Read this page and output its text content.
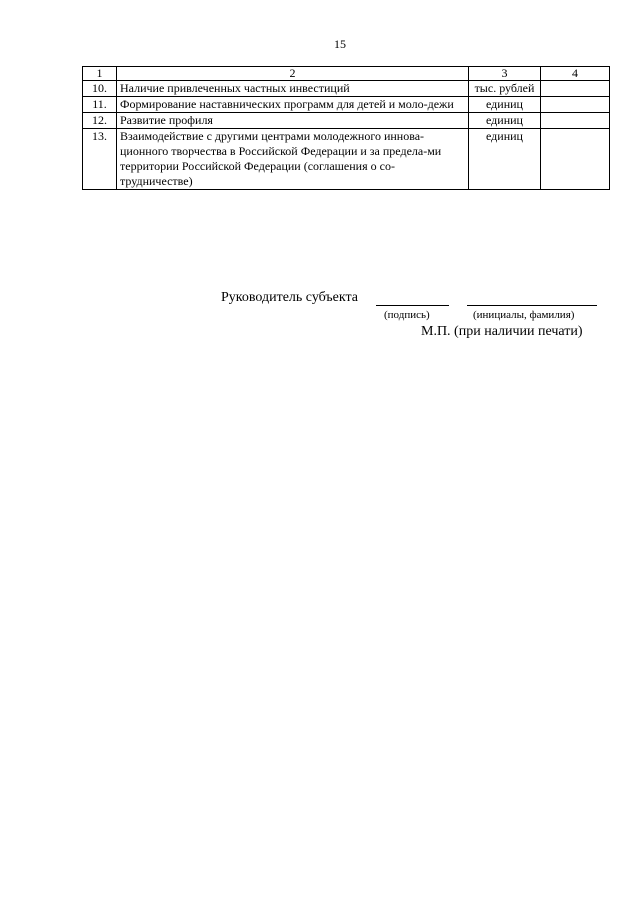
15
1	2	3	4
10.	Наличие привлеченных частных инвестиций	тыс. рублей	
11.	Формирование наставнических программ для детей и моло-дежи	единиц	
12.	Развитие профиля	единиц	
13.	Взаимодействие с другими центрами молодежного иннова-ционного творчества в Российской Федерации и за предела-ми территории Российской Федерации (соглашения о со-трудничестве)	единиц	
Руководитель субъекта
(подпись)	(инициалы, фамилия)
М.П. (при наличии печати)
